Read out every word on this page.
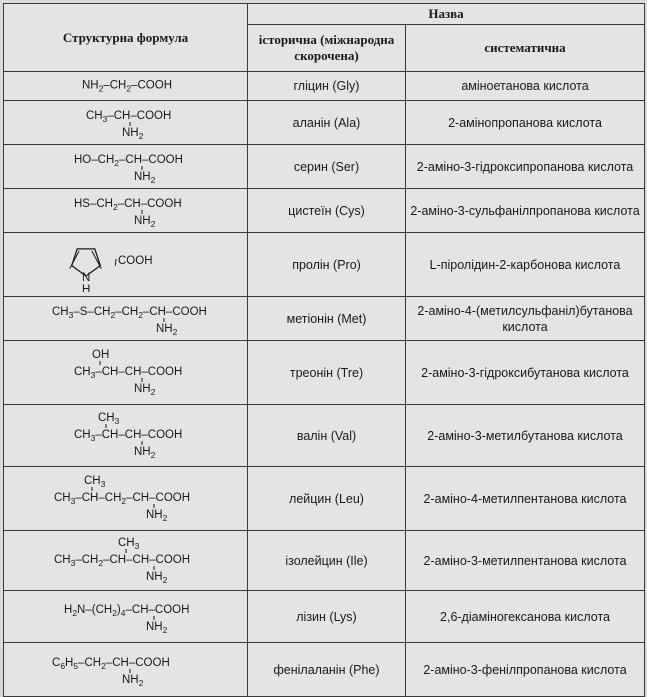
Структурна формула	Назва	
	історична (міжнародна скорочена)	систематична

$NH_2-CH_2$–COOH	гліцин (Gly)	аміноетанова кислота

$CH_3-CH$–COOH
$NH_2$	аланін (Ala)	2-амінопропанова кислота

$HO-CH_2-CH$–COOH
$NH_2$	серин (Ser)	2-аміно-3-гідроксипропанова кислота

$HS-CH_2-CH$–COOH
$NH_2$	цистеїн (Cys)	2-аміно-3-сульфанілпропанова кислота

COOH
N
H	пролін (Pro)	L-піролідин-2-карбонова кислота

$CH_3-S-CH_2-CH_2-CH$–COOH
$NH_2$	метіонін (Met)	2-аміно-4-(метилсульфаніл)бутанова кислота

OH
$CH_3-CH-CH$–COOH
$NH_2$	треонін (Tre)	2-аміно-3-гідроксибутанова кислота

$CH_3$
$CH_3-CH-CH$–COOH
$NH_2$	валін (Val)	2-аміно-3-метилбутанова кислота

$CH_3$
$CH_3-CH-CH_2-CH$–COOH
$NH_2$	лейцин (Leu)	2-аміно-4-метилпентанова кислота

$CH_3$
$CH_3-CH_2-CH-CH$–COOH
$NH_2$	ізолейцин (Ile)	2-аміно-3-метилпентанова кислота

$H_2N-(CH_2)_4-CH$–COOH
$NH_2$	лізин (Lys)	2,6-діаміногексанова кислота

$C_6H_5-CH_2-CH$–COOH
$NH_2$	фенілаланін (Phe)	2-аміно-3-фенілпропанова кислота
